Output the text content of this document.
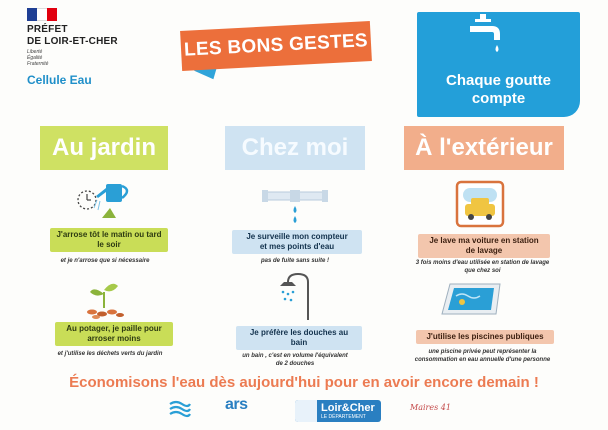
PRÉFET
DE LOIR-ET-CHER
Liberté
Égalité
Fraternité
Cellule Eau
LES BONS GESTES
Chaque goutte
compte
Au jardin	Chez moi	À l'extérieur
J'arrose tôt le matin ou tard
le soir
et je n'arrose que si nécessaire
Au potager, je paille pour
arroser moins
et j'utilise les déchets verts du jardin
Je surveille mon compteur
et mes points d'eau
pas de fuite sans suite !
Je préfère les douches au
bain
un bain , c'est en volume l'équivalent
de 2 douches
Je lave ma voiture en station
de lavage
3 fois moins d'eau utilisée en station de lavage
que chez soi
J'utilise les piscines publiques
une piscine privée peut représenter la
consommation en eau annuelle d'une personne
Économisons l'eau dès aujourd'hui pour en avoir encore demain !
ars	Loir&Cher
LE DÉPARTEMENT
Maires 41
